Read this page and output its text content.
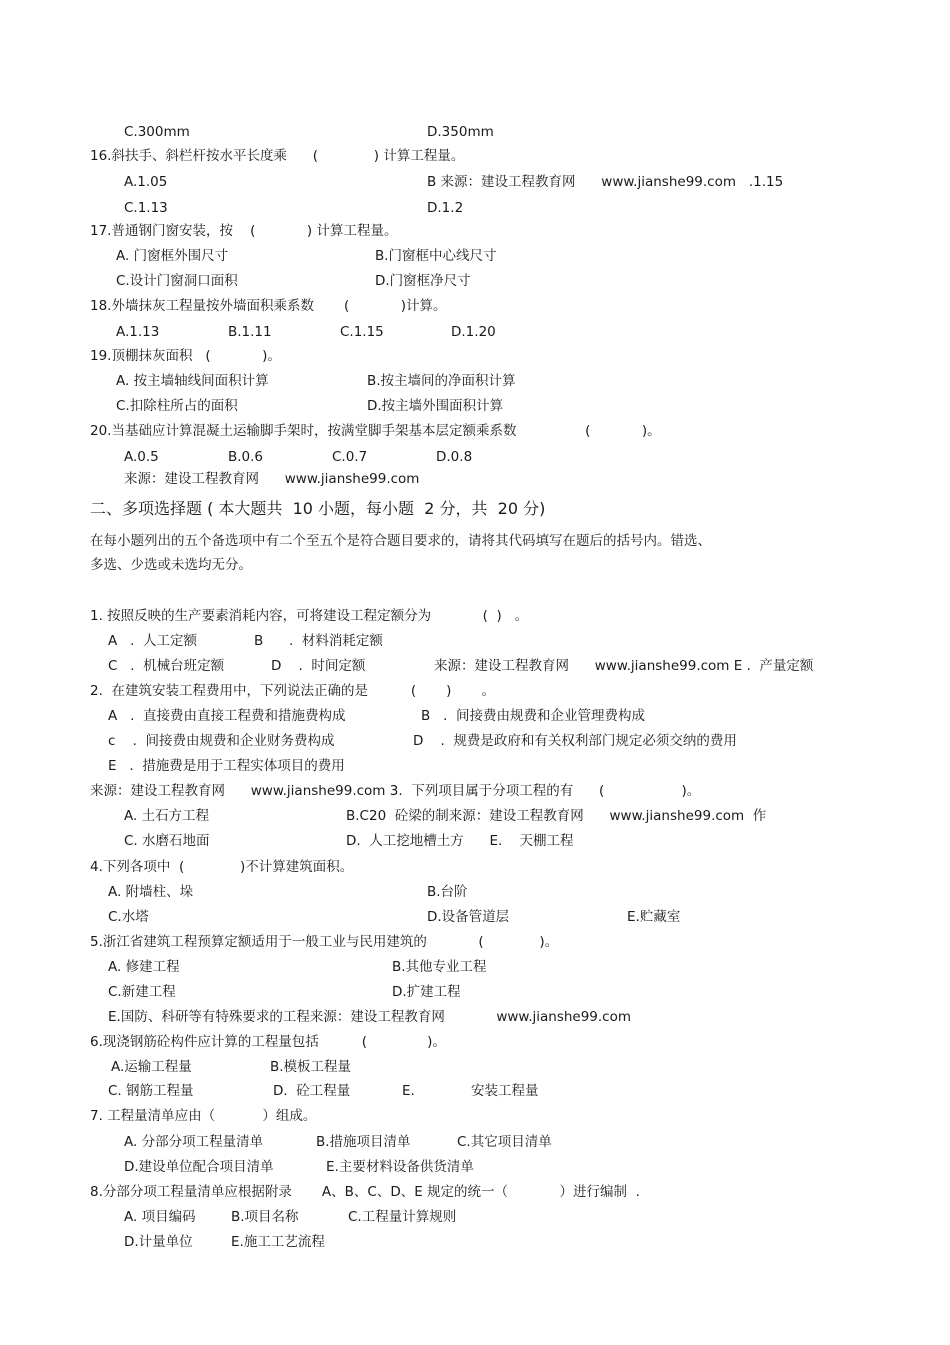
C.300mm	D.350mm
16.斜扶手、斜栏杆按水平长度乘      (             ) 计算工程量。
A.1.05	B 来源：建设工程教育网      www.jianshe99.com   .1.15
C.1.13	D.1.2
17.普通钢门窗安装，按    (            ) 计算工程量。
A. 门窗框外围尺寸	B.门窗框中心线尺寸
C.设计门窗洞口面积	D.门窗框净尺寸
18.外墙抹灰工程量按外墙面积乘系数       (            )计算。
A.1.13	B.1.11	C.1.15	D.1.20
19.顶棚抹灰面积   (            )。
A. 按主墙轴线间面积计算	B.按主墙间的净面积计算
C.扣除柱所占的面积	D.按主墙外围面积计算
20.当基础应计算混凝土运输脚手架时，按满堂脚手架基本层定额乘系数                (            )。
A.0.5	B.0.6	C.0.7	D.0.8
来源：建设工程教育网      www.jianshe99.com
二、多项选择题 ( 本大题共  10 小题，每小题  2 分，共  20 分)
在每小题列出的五个备选项中有二个至五个是符合题目要求的，请将其代码填写在题后的括号内。错选、
多选、少选或未选均无分。
1. 按照反映的生产要素消耗内容，可将建设工程定额分为            (  )   。
A   .  人工定额	B      .  材料消耗定额
C   .  机械台班定额	D    .  时间定额	来源：建设工程教育网      www.jianshe99.com E .  产量定额
2.  在建筑安装工程费用中，下列说法正确的是          (       )       。
A   .  直接费由直接工程费和措施费构成	B   .  间接费由规费和企业管理费构成
c    .  间接费由规费和企业财务费构成	D    .  规费是政府和有关权利部门规定必须交纳的费用
E   .  措施费是用于工程实体项目的费用
来源：建设工程教育网      www.jianshe99.com 3.  下列项目属于分项工程的有      (                  )。
A. 土石方工程	B.C20  砼梁的制来源：建设工程教育网      www.jianshe99.com  作
C. 水磨石地面	D.  人工挖地槽土方      E.    天棚工程
4.下列各项中  (             )不计算建筑面积。
A. 附墙柱、垛	B.台阶
C.水塔	D.设备管道层	E.贮藏室
5.浙江省建筑工程预算定额适用于一般工业与民用建筑的            (             )。
A. 修建工程	B.其他专业工程
C.新建工程	D.扩建工程
E.国防、科研等有特殊要求的工程来源：建设工程教育网            www.jianshe99.com
6.现浇钢筋砼构件应计算的工程量包括          (              )。
A.运输工程量	B.模板工程量
C. 钢筋工程量	D.  砼工程量	E.	安装工程量
7. 工程量清单应由（           ）组成。
A. 分部分项工程量清单	B.措施项目清单	C.其它项目清单
D.建设单位配合项目清单	E.主要材料设备供货清单
8.分部分项工程量清单应根据附录       A、B、C、D、E 规定的统一（            ）进行编制  .
A. 项目编码	B.项目名称	C.工程量计算规则
D.计量单位	E.施工工艺流程
